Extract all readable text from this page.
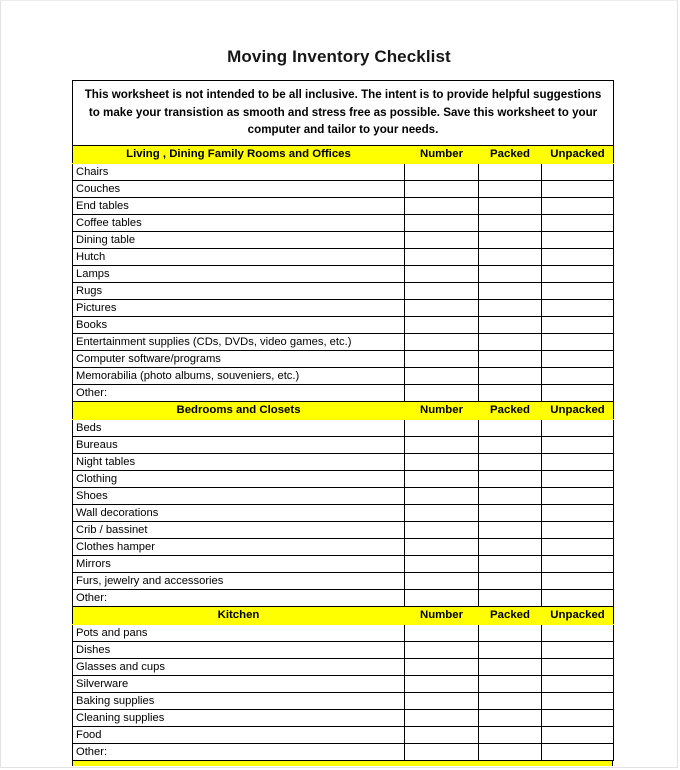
Moving Inventory Checklist
This worksheet is not intended to be all inclusive. The intent is to provide helpful suggestions to make your transistion as smooth and stress free as possible. Save this worksheet to your computer and tailor to your needs.			
Living , Dining Family Rooms and Offices	Number	Packed	Unpacked
Chairs			
Couches			
End tables			
Coffee tables			
Dining table			
Hutch			
Lamps			
Rugs			
Pictures			
Books			
Entertainment supplies (CDs, DVDs, video games, etc.)			
Computer software/programs			
Memorabilia (photo albums, souveniers, etc.)			
Other:			
Bedrooms and Closets	Number	Packed	Unpacked
Beds			
Bureaus			
Night tables			
Clothing			
Shoes			
Wall decorations			
Crib / bassinet			
Clothes hamper			
Mirrors			
Furs, jewelry and accessories			
Other:			
Kitchen	Number	Packed	Unpacked
Pots and pans			
Dishes			
Glasses and cups			
Silverware			
Baking supplies			
Cleaning supplies			
Food			
Other:			
